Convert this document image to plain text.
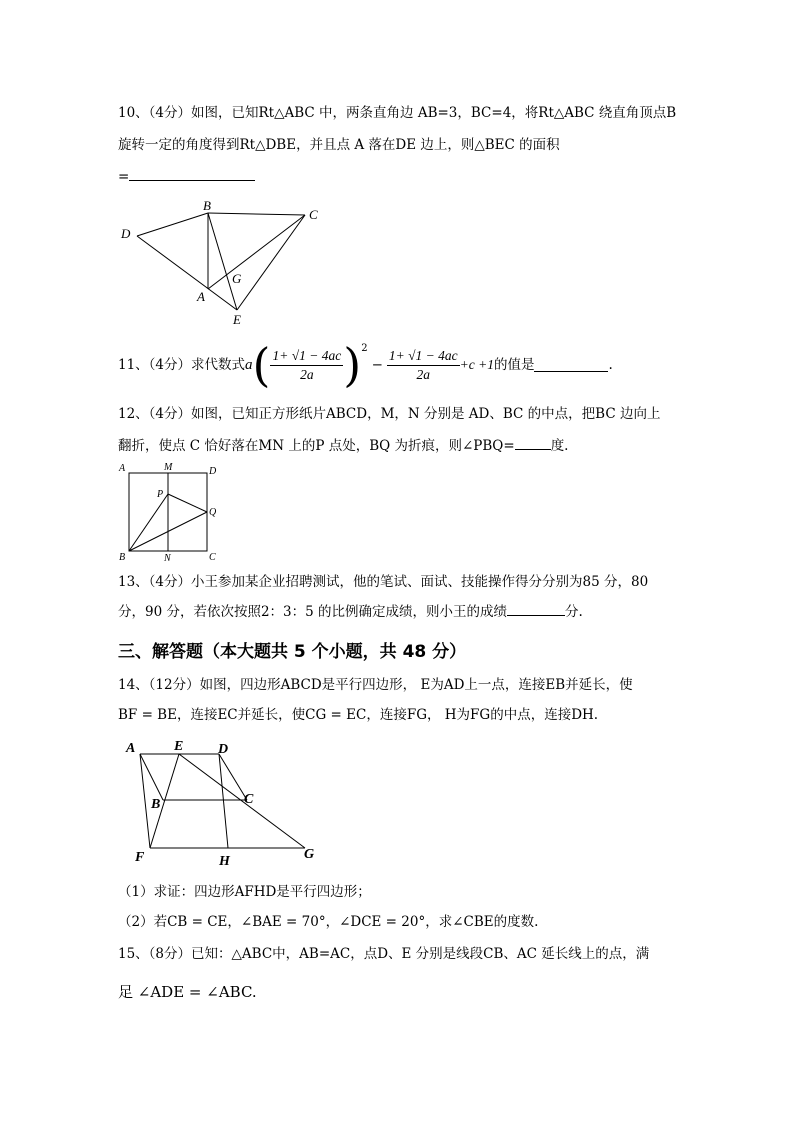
10、（4分）如图，已知Rt△ABC 中，两条直角边 AB=3，BC=4，将Rt△ABC 绕直角顶点B
旋转一定的角度得到Rt△DBE，并且点 A 落在DE 边上，则△BEC 的面积
=
B
C
D
G
A
E
11、（4分）求代数式 a ( $\frac{1+ √1 - 4ac}{2a} )^2$
− $\frac{1+ √1 - 4ac}{2a} +c +1$ 的值是	.
12、（4分）如图，已知正方形纸片ABCD，M，N 分别是 AD、BC 的中点，把BC 边向上
翻折，使点 C 恰好落在MN 上的P 点处，BQ 为折痕，则∠PBQ=	度.
A	M	D
P
Q
B	N	C
13、（4分）小王参加某企业招聘测试，他的笔试、面试、技能操作得分分别为85 分，80
分，90 分，若依次按照2：3：5 的比例确定成绩，则小王的成绩	分.
三、解答题（本大题共 5 个小题，共 48 分）
14、（12分）如图，四边形ABCD是平行四边形， E为AD上一点，连接EB并延长，使
BF = BE，连接EC并延长，使CG = EC，连接FG， H为FG的中点，连接DH.
A	E D
B	C
F	H	G
（1）求证：四边形AFHD是平行四边形；
（2）若CB = CE，∠BAE = 70°，∠DCE = 20°，求∠CBE的度数.
15、（8分）已知：△ABC中，AB=AC，点D、E 分别是线段CB、AC 延长线上的点，满
足 ∠ADE = ∠ABC.
